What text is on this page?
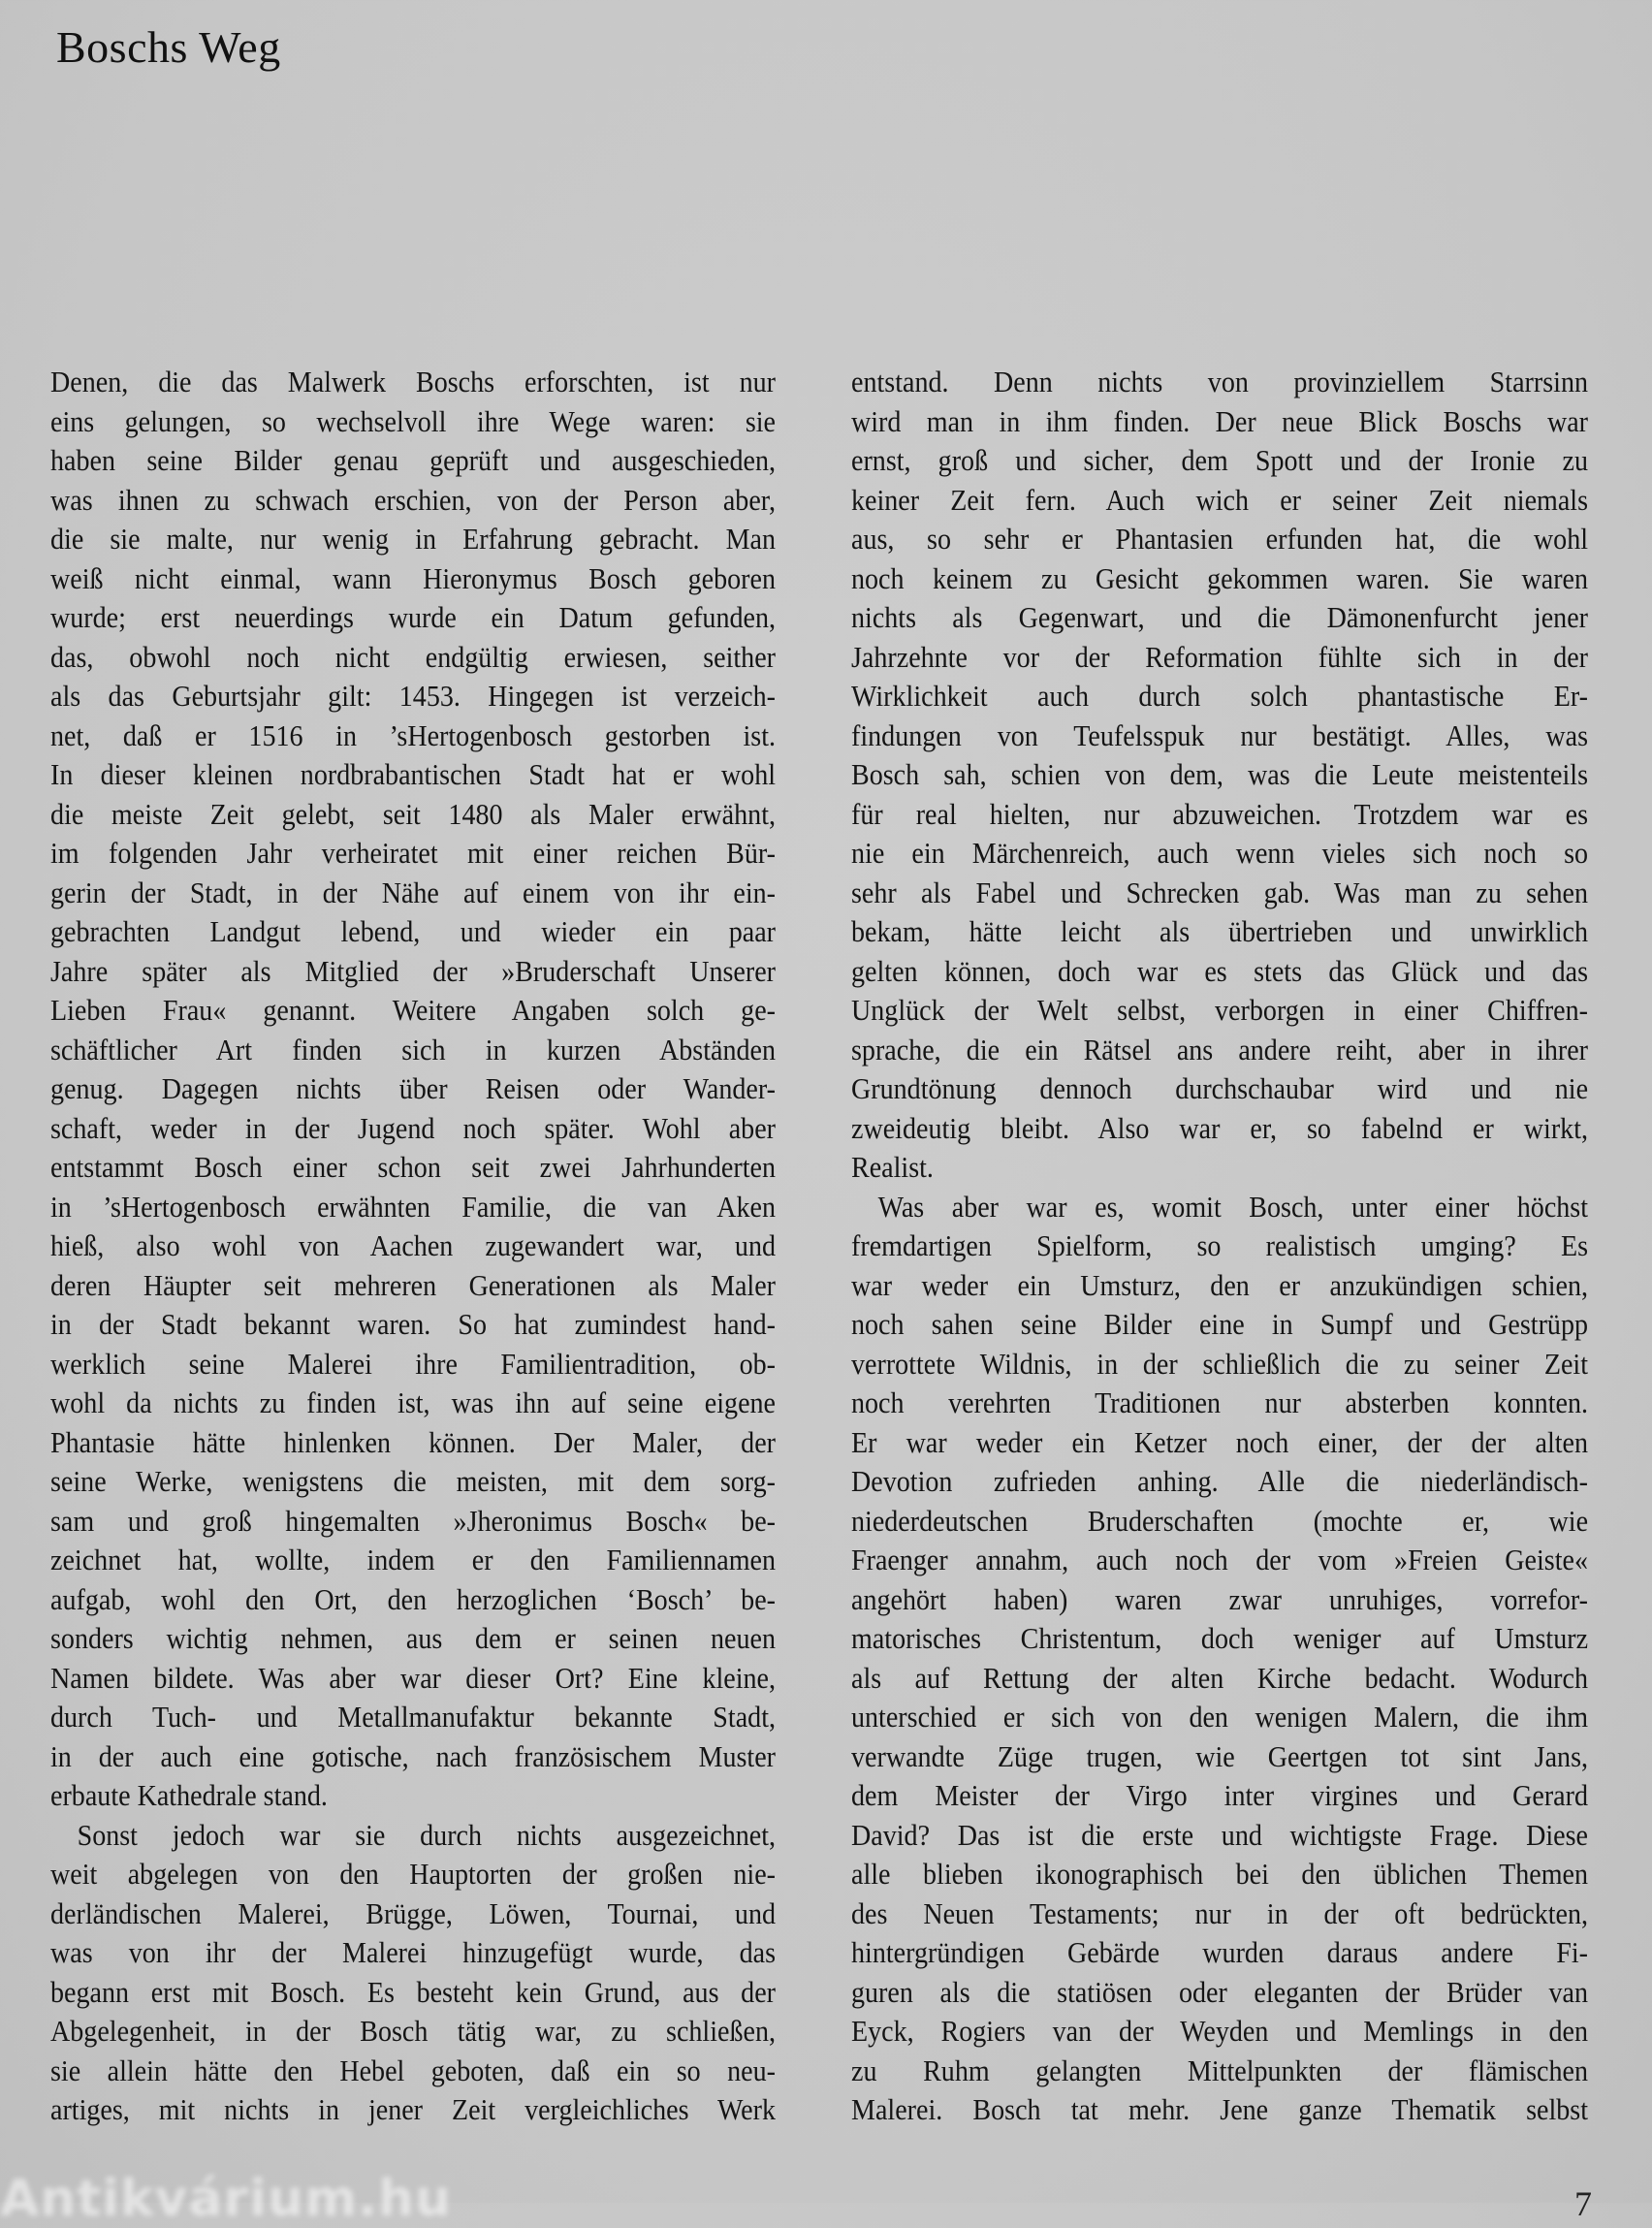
Boschs Weg
Denen, die das Malwerk Boschs erforschten, ist nur
eins gelungen, so wechselvoll ihre Wege waren: sie
haben seine Bilder genau geprüft und ausgeschieden,
was ihnen zu schwach erschien, von der Person aber,
die sie malte, nur wenig in Erfahrung gebracht. Man
weiß nicht einmal, wann Hieronymus Bosch geboren
wurde; erst neuerdings wurde ein Datum gefunden,
das, obwohl noch nicht endgültig erwiesen, seither
als das Geburtsjahr gilt: 1453. Hingegen ist verzeich-
net, daß er 1516 in ’sHertogenbosch gestorben ist.
In dieser kleinen nordbrabantischen Stadt hat er wohl
die meiste Zeit gelebt, seit 1480 als Maler erwähnt,
im folgenden Jahr verheiratet mit einer reichen Bür-
gerin der Stadt, in der Nähe auf einem von ihr ein-
gebrachten Landgut lebend, und wieder ein paar
Jahre später als Mitglied der »Bruderschaft Unserer
Lieben Frau« genannt. Weitere Angaben solch ge-
schäftlicher Art finden sich in kurzen Abständen
genug. Dagegen nichts über Reisen oder Wander-
schaft, weder in der Jugend noch später. Wohl aber
entstammt Bosch einer schon seit zwei Jahrhunderten
in ’sHertogenbosch erwähnten Familie, die van Aken
hieß, also wohl von Aachen zugewandert war, und
deren Häupter seit mehreren Generationen als Maler
in der Stadt bekannt waren. So hat zumindest hand-
werklich seine Malerei ihre Familientradition, ob-
wohl da nichts zu finden ist, was ihn auf seine eigene
Phantasie hätte hinlenken können. Der Maler, der
seine Werke, wenigstens die meisten, mit dem sorg-
sam und groß hingemalten »Jheronimus Bosch« be-
zeichnet hat, wollte, indem er den Familiennamen
aufgab, wohl den Ort, den herzoglichen ‘Bosch’ be-
sonders wichtig nehmen, aus dem er seinen neuen
Namen bildete. Was aber war dieser Ort? Eine kleine,
durch Tuch- und Metallmanufaktur bekannte Stadt,
in der auch eine gotische, nach französischem Muster
erbaute Kathedrale stand.
Sonst jedoch war sie durch nichts ausgezeichnet,
weit abgelegen von den Hauptorten der großen nie-
derländischen Malerei, Brügge, Löwen, Tournai, und
was von ihr der Malerei hinzugefügt wurde, das
begann erst mit Bosch. Es besteht kein Grund, aus der
Abgelegenheit, in der Bosch tätig war, zu schließen,
sie allein hätte den Hebel geboten, daß ein so neu-
artiges, mit nichts in jener Zeit vergleichliches Werk
entstand. Denn nichts von provinziellem Starrsinn
wird man in ihm finden. Der neue Blick Boschs war
ernst, groß und sicher, dem Spott und der Ironie zu
keiner Zeit fern. Auch wich er seiner Zeit niemals
aus, so sehr er Phantasien erfunden hat, die wohl
noch keinem zu Gesicht gekommen waren. Sie waren
nichts als Gegenwart, und die Dämonenfurcht jener
Jahrzehnte vor der Reformation fühlte sich in der
Wirklichkeit auch durch solch phantastische Er-
findungen von Teufelsspuk nur bestätigt. Alles, was
Bosch sah, schien von dem, was die Leute meistenteils
für real hielten, nur abzuweichen. Trotzdem war es
nie ein Märchenreich, auch wenn vieles sich noch so
sehr als Fabel und Schrecken gab. Was man zu sehen
bekam, hätte leicht als übertrieben und unwirklich
gelten können, doch war es stets das Glück und das
Unglück der Welt selbst, verborgen in einer Chiffren-
sprache, die ein Rätsel ans andere reiht, aber in ihrer
Grundtönung dennoch durchschaubar wird und nie
zweideutig bleibt. Also war er, so fabelnd er wirkt,
Realist.
Was aber war es, womit Bosch, unter einer höchst
fremdartigen Spielform, so realistisch umging? Es
war weder ein Umsturz, den er anzukündigen schien,
noch sahen seine Bilder eine in Sumpf und Gestrüpp
verrottete Wildnis, in der schließlich die zu seiner Zeit
noch verehrten Traditionen nur absterben konnten.
Er war weder ein Ketzer noch einer, der der alten
Devotion zufrieden anhing. Alle die niederländisch-
niederdeutschen Bruderschaften (mochte er, wie
Fraenger annahm, auch noch der vom »Freien Geiste«
angehört haben) waren zwar unruhiges, vorrefor-
matorisches Christentum, doch weniger auf Umsturz
als auf Rettung der alten Kirche bedacht. Wodurch
unterschied er sich von den wenigen Malern, die ihm
verwandte Züge trugen, wie Geertgen tot sint Jans,
dem Meister der Virgo inter virgines und Gerard
David? Das ist die erste und wichtigste Frage. Diese
alle blieben ikonographisch bei den üblichen Themen
des Neuen Testaments; nur in der oft bedrückten,
hintergründigen Gebärde wurden daraus andere Fi-
guren als die statiösen oder eleganten der Brüder van
Eyck, Rogiers van der Weyden und Memlings in den
zu Ruhm gelangten Mittelpunkten der flämischen
Malerei. Bosch tat mehr. Jene ganze Thematik selbst
Antikvárium.hu	7
